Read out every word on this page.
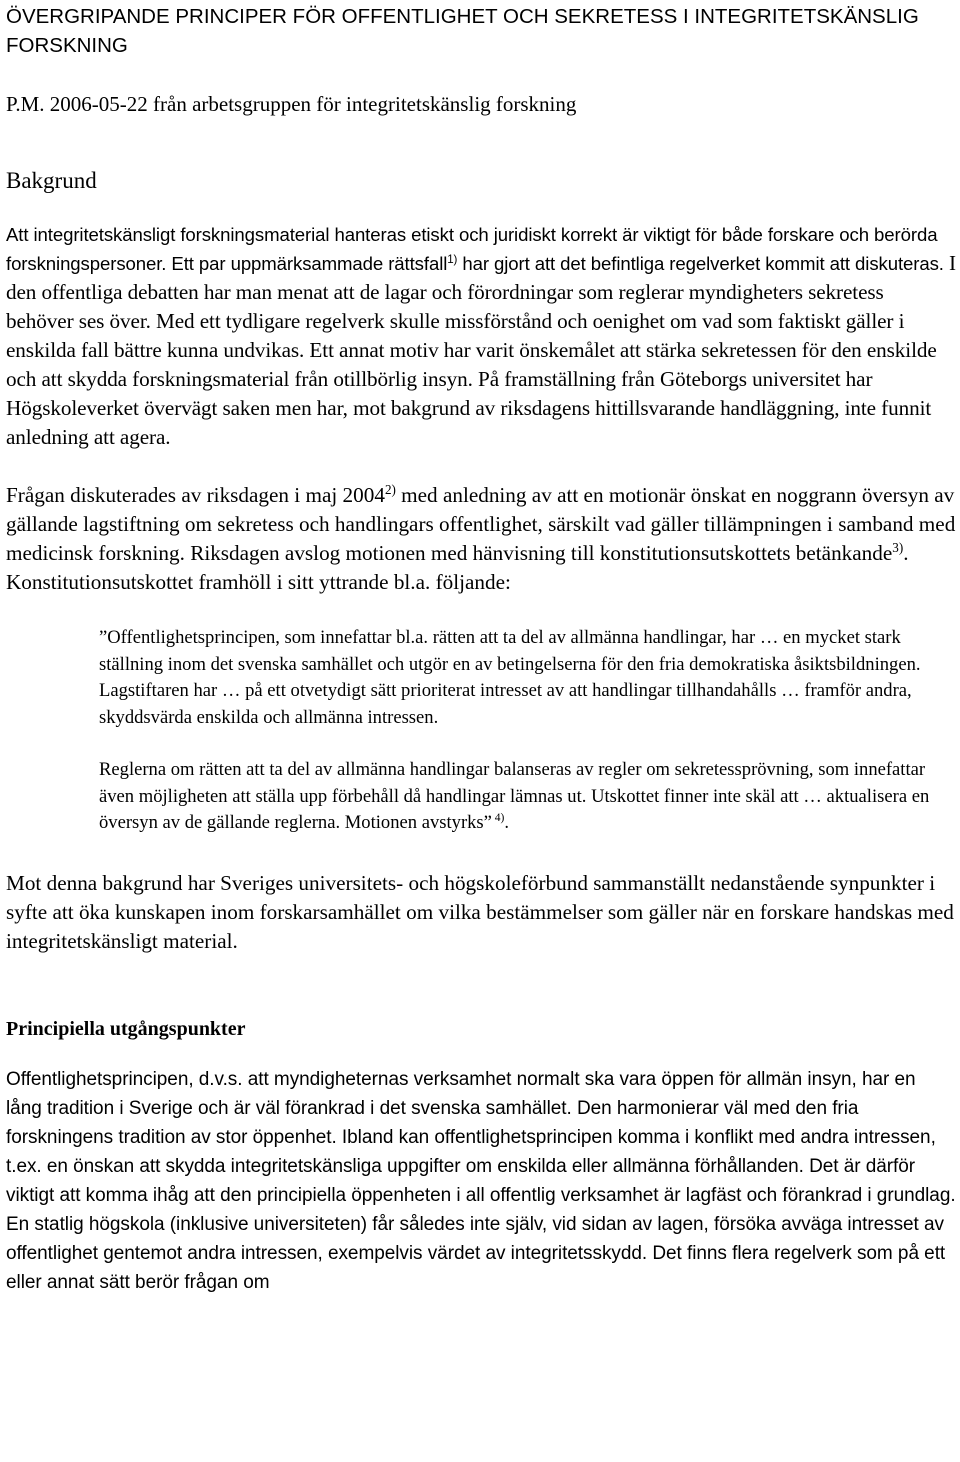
ÖVERGRIPANDE PRINCIPER FÖR OFFENTLIGHET OCH SEKRETESS I INTEGRITETSKÄNSLIG FORSKNING

P.M. 2006-05-22 från arbetsgruppen för integritetskänslig forskning

Bakgrund

Att integritetskänsligt forskningsmaterial hanteras etiskt och juridiskt korrekt är viktigt för både forskare och berörda forskningspersoner. Ett par uppmärksammade rättsfall$^{1)}$ har gjort att det befintliga regelverket kommit att diskuteras. I den offentliga debatten har man menat att de lagar och förordningar som reglerar myndigheters sekretess behöver ses över. Med ett tydligare regelverk skulle missförstånd och oenighet om vad som faktiskt gäller i enskilda fall bättre kunna undvikas. Ett annat motiv har varit önskemålet att stärka sekretessen för den enskilde och att skydda forskningsmaterial från otillbörlig insyn. På framställning från Göteborgs universitet har Högskoleverket övervägt saken men har, mot bakgrund av riksdagens hittillsvarande handläggning, inte funnit anledning att agera.

Frågan diskuterades av riksdagen i maj 2004$^{2)}$ med anledning av att en motionär önskat en noggrann översyn av gällande lagstiftning om sekretess och handlingars offentlighet, särskilt vad gäller tillämpningen i samband med medicinsk forskning. Riksdagen avslog motionen med hänvisning till konstitutionsutskottets betänkande$^{3)}$. Konstitutionsutskottet framhöll i sitt yttrande bl.a. följande:

”Offentlighetsprincipen, som innefattar bl.a. rätten att ta del av allmänna handlingar, har … en mycket stark ställning inom det svenska samhället och utgör en av betingelserna för den fria demokratiska åsiktsbildningen. Lagstiftaren har … på ett otvetydigt sätt prioriterat intresset av att handlingar tillhandahålls … framför andra, skyddsvärda enskilda och allmänna intressen.

Reglerna om rätten att ta del av allmänna handlingar balanseras av regler om sekretessprövning, som innefattar även möjligheten att ställa upp förbehåll då handlingar lämnas ut. Utskottet finner inte skäl att … aktualisera en översyn av de gällande reglerna. Motionen avstyrks” $^{4)}$.

Mot denna bakgrund har Sveriges universitets- och högskoleförbund sammanställt nedanstående synpunkter i syfte att öka kunskapen inom forskarsamhället om vilka bestämmelser som gäller när en forskare handskas med integritetskänsligt material.

Principiella utgångspunkter

Offentlighetsprincipen, d.v.s. att myndigheternas verksamhet normalt ska vara öppen för allmän insyn, har en lång tradition i Sverige och är väl förankrad i det svenska samhället. Den harmonierar väl med den fria forskningens tradition av stor öppenhet. Ibland kan offentlighetsprincipen komma i konflikt med andra intressen, t.ex. en önskan att skydda integritetskänsliga uppgifter om enskilda eller allmänna förhållanden. Det är därför viktigt att komma ihåg att den principiella öppenheten i all offentlig verksamhet är lagfäst och förankrad i grundlag. En statlig högskola (inklusive universiteten) får således inte själv, vid sidan av lagen, försöka avväga intresset av offentlighet gentemot andra intressen, exempelvis värdet av integritetsskydd. Det finns flera regelverk som på ett eller annat sätt berör frågan om
